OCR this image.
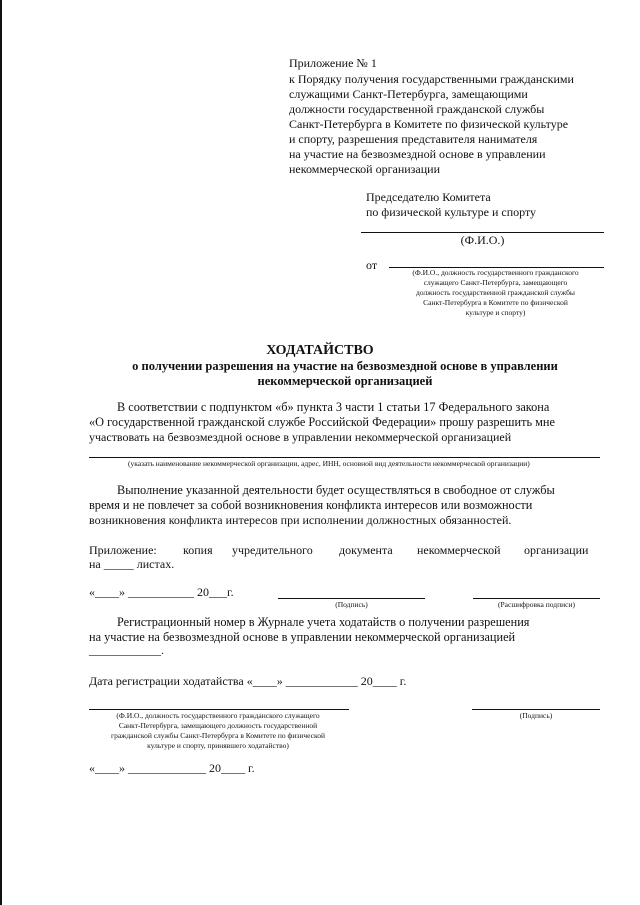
Приложение № 1
к Порядку получения государственными гражданскими
служащими Санкт-Петербурга, замещающими
должности государственной гражданской службы
Санкт-Петербурга в Комитете по физической культуре
и спорту, разрешения представителя нанимателя
на участие на безвозмездной основе в управлении
некоммерческой организации
Председателю Комитета
по физической культуре и спорту
(Ф.И.О.)
от
(Ф.И.О., должность государственного гражданского
служащего Санкт-Петербурга, замещающего
должность государственной гражданской службы
Санкт-Петербурга в Комитете по физической
культуре и спорту)
ХОДАТАЙСТВО
о получении разрешения на участие на безвозмездной основе в управлении
некоммерческой организацией
В соответствии с подпунктом «б» пункта 3 части 1 статьи 17 Федерального закона
«О государственной гражданской службе Российской Федерации» прошу разрешить мне
участвовать на безвозмездной основе в управлении некоммерческой организацией
(указать наименование некоммерческой организации, адрес, ИНН, основной вид деятельности некоммерческой организации)
Выполнение указанной деятельности будет осуществляться в свободное от службы
время и не повлечет за собой возникновения конфликта интересов или возможности
возникновения конфликта интересов при исполнении должностных обязанностей.
Приложение: копия учредительного документа некоммерческой организации
на _____ листах.
«____» ___________ 20___г.
(Подпись)	(Расшифровка подписи)
Регистрационный номер в Журнале учета ходатайств о получении разрешения
на участие на безвозмездной основе в управлении некоммерческой организацией
____________.
Дата регистрации ходатайства «____» ____________ 20____ г.
(Ф.И.О., должность государственного гражданского служащего
Санкт-Петербурга, замещающего должность государственной
гражданской службы Санкт-Петербурга в Комитете по физической
культуре и спорту, принявшего ходатайство)
(Подпись)
«____» _____________ 20____ г.
